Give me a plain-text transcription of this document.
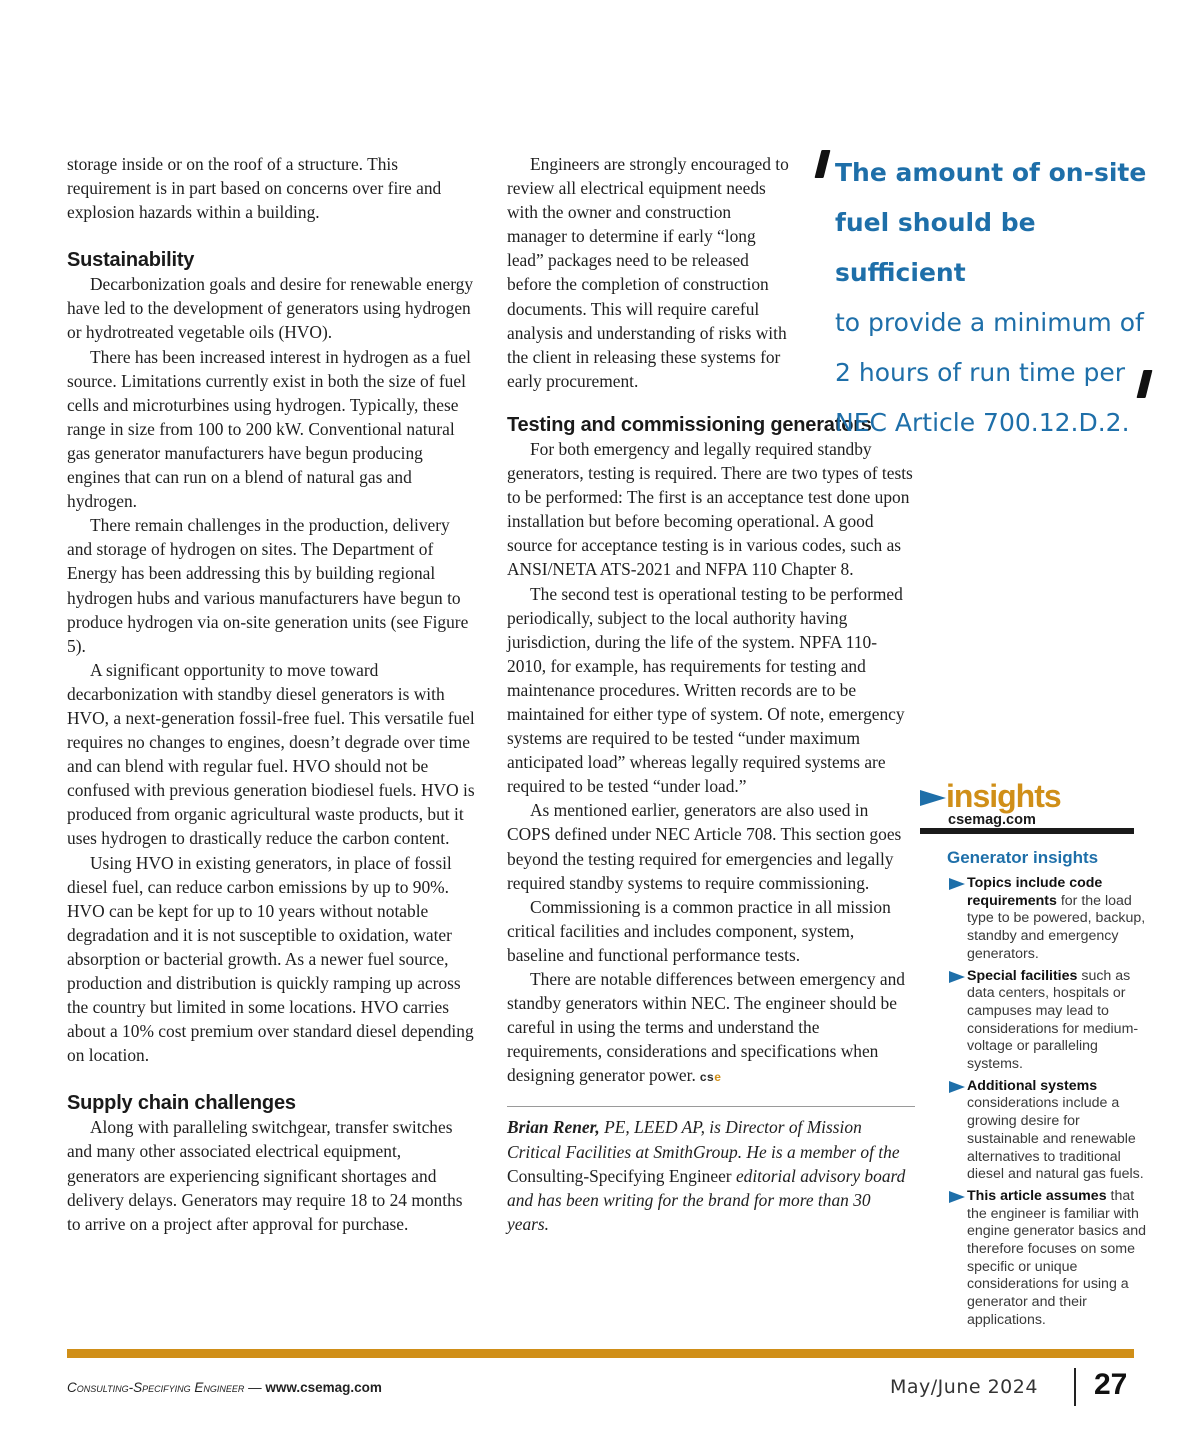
storage inside or on the roof of a structure. This requirement is in part based on concerns over fire and explosion hazards within a building.

Sustainability

Decarbonization goals and desire for renewable energy have led to the development of generators using hydrogen or hydrotreated vegetable oils (HVO).

There has been increased interest in hydrogen as a fuel source. Limitations currently exist in both the size of fuel cells and microturbines using hydrogen. Typically, these range in size from 100 to 200 kW. Conventional natural gas generator manufacturers have begun producing engines that can run on a blend of natural gas and hydrogen.

There remain challenges in the production, delivery and storage of hydrogen on sites. The Department of Energy has been addressing this by building regional hydrogen hubs and various manufacturers have begun to produce hydrogen via on-site generation units (see Figure 5).

A significant opportunity to move toward decarbonization with standby diesel generators is with HVO, a next-generation fossil-free fuel. This versatile fuel requires no changes to engines, doesn’t degrade over time and can blend with regular fuel. HVO should not be confused with previous generation biodiesel fuels. HVO is produced from organic agricultural waste products, but it uses hydrogen to drastically reduce the carbon content.

Using HVO in existing generators, in place of fossil diesel fuel, can reduce carbon emissions by up to 90%. HVO can be kept for up to 10 years without notable degradation and it is not susceptible to oxidation, water absorption or bacterial growth. As a newer fuel source, production and distribution is quickly ramping up across the country but limited in some locations. HVO carries about a 10% cost premium over standard diesel depending on location.

Supply chain challenges

Along with paralleling switchgear, transfer switches and many other associated electrical equipment, generators are experiencing significant shortages and delivery delays. Generators may require 18 to 24 months to arrive on a project after approval for purchase.

Engineers are strongly encouraged to review all electrical equipment needs with the owner and construction manager to determine if early “long lead” packages need to be released before the completion of construction documents. This will require careful analysis and understanding of risks with the client in releasing these systems for early procurement.

Testing and commissioning generators

For both emergency and legally required standby generators, testing is required. There are two types of tests to be performed: The first is an acceptance test done upon installation but before becoming operational. A good source for acceptance testing is in various codes, such as ANSI/NETA ATS-2021 and NFPA 110 Chapter 8.

The second test is operational testing to be performed periodically, subject to the local authority having jurisdiction, during the life of the system. NPFA 110-2010, for example, has requirements for testing and maintenance procedures. Written records are to be maintained for either type of system. Of note, emergency systems are required to be tested “under maximum anticipated load” whereas legally required systems are required to be tested “under load.”

As mentioned earlier, generators are also used in COPS defined under NEC Article 708. This section goes beyond the testing required for emergencies and legally required standby systems to require commissioning.

Commissioning is a common practice in all mission critical facilities and includes component, system, baseline and functional performance tests.

There are notable differences between emergency and standby generators within NEC. The engineer should be careful in using the terms and understand the requirements, considerations and specifications when designing generator power. cse

Brian Rener, PE, LEED AP, is Director of Mission Critical Facilities at SmithGroup. He is a member of the Consulting-Specifying Engineer editorial advisory board and has been writing for the brand for more than 30 years.

The amount of on-site
fuel should be sufficient
to provide a minimum of
2 hours of run time per
NEC Article 700.12.D.2.
insights
csemag.com
Generator insights
Topics include code requirements for the load type to be powered, backup, standby and emergency generators.
Special facilities such as data centers, hospitals or campuses may lead to considerations for medium-voltage or paralleling systems.
Additional systems considerations include a growing desire for sustainable and renewable alternatives to traditional diesel and natural gas fuels.
This article assumes that the engineer is familiar with engine generator basics and therefore focuses on some specific or unique considerations for using a generator and their applications.
Consulting-Specifying Engineer — www.csemag.com	May/June 2024 27
